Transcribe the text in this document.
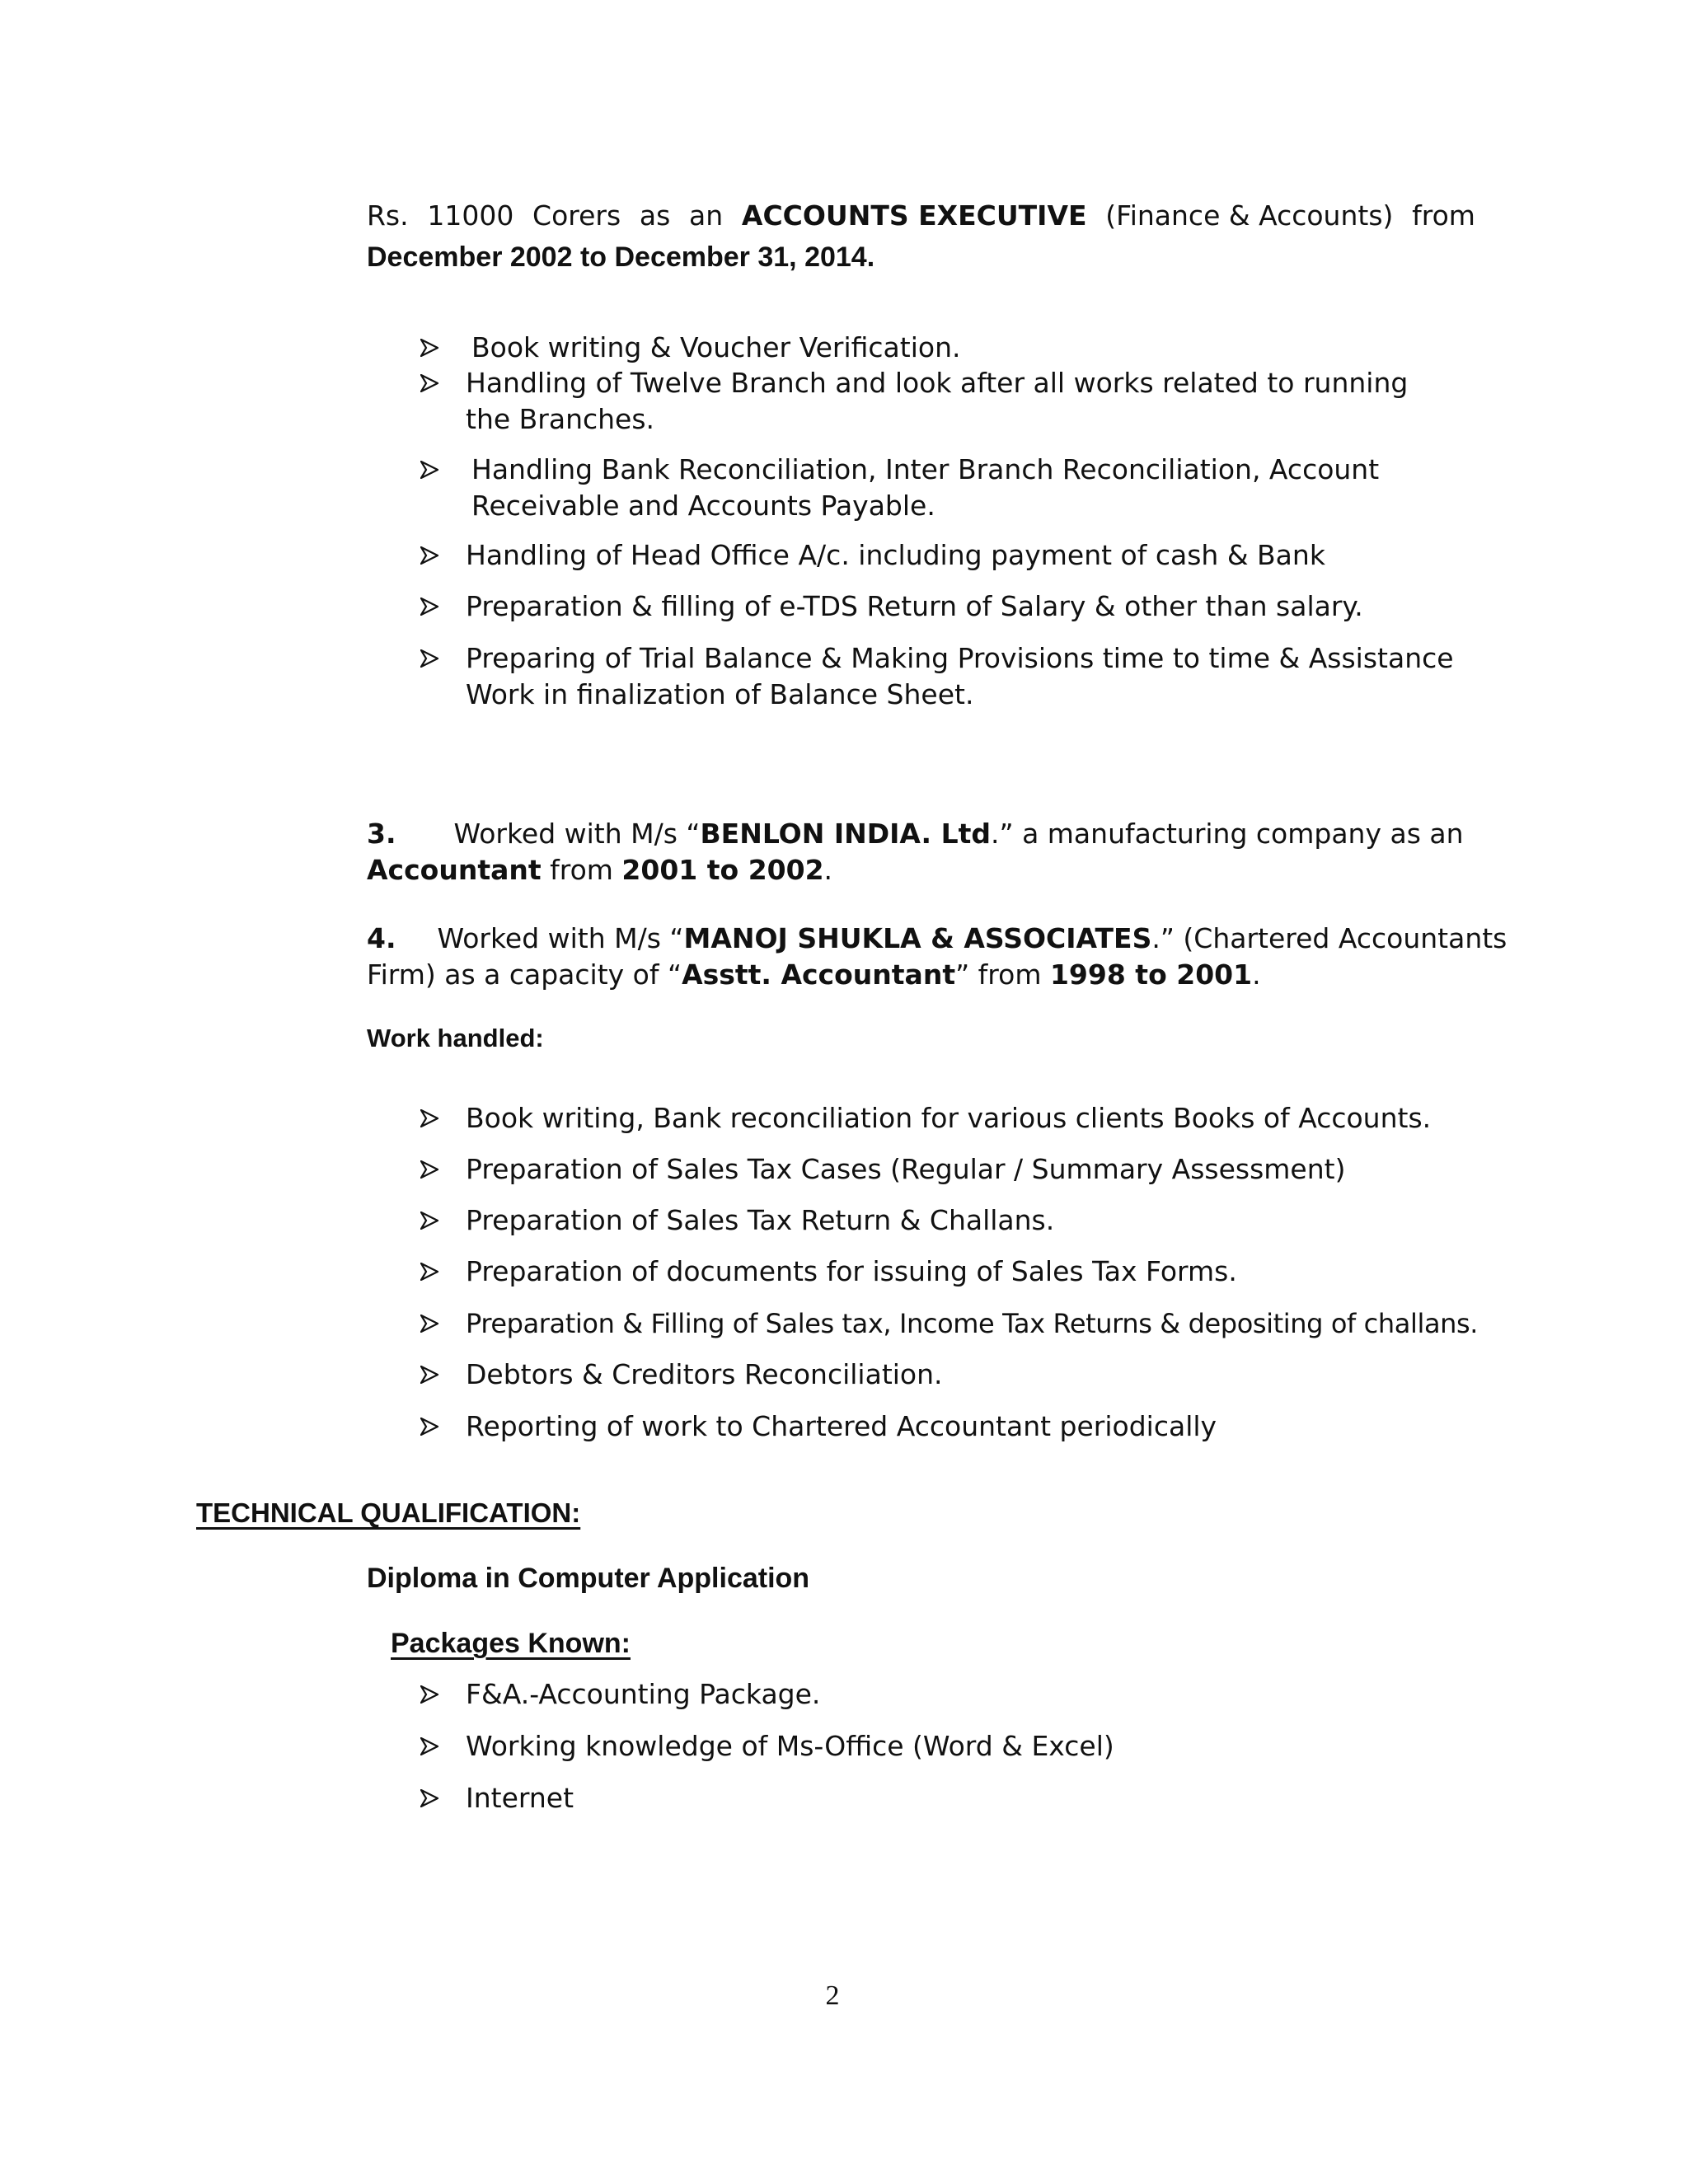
Rs. 11000 Corers as an ACCOUNTS EXECUTIVE (Finance & Accounts) from
December 2002 to December 31, 2014.
Book writing & Voucher Verification.
Handling of Twelve Branch and look after all works related to running the Branches.
Handling Bank Reconciliation, Inter Branch Reconciliation, Account Receivable and Accounts Payable.
Handling of Head Office A/c. including payment of cash & Bank
Preparation & filling of e-TDS Return of Salary & other than salary.
Preparing of Trial Balance & Making Provisions time to time & Assistance Work in finalization of Balance Sheet.
3. Worked with M/s “BENLON INDIA. Ltd.” a manufacturing company as an
Accountant from 2001 to 2002.
4. Worked with M/s “MANOJ SHUKLA & ASSOCIATES.” (Chartered Accountants
Firm) as a capacity of “Asstt. Accountant” from 1998 to 2001.
Work handled:
Book writing, Bank reconciliation for various clients Books of Accounts.
Preparation of Sales Tax Cases (Regular / Summary Assessment)
Preparation of Sales Tax Return & Challans.
Preparation of documents for issuing of Sales Tax Forms.
Preparation & Filling of Sales tax, Income Tax Returns & depositing of challans.
Debtors & Creditors Reconciliation.
Reporting of work to Chartered Accountant periodically
TECHNICAL QUALIFICATION:
Diploma in Computer Application
Packages Known:
F&A.-Accounting Package.
Working knowledge of Ms-Office (Word & Excel)
Internet
2
